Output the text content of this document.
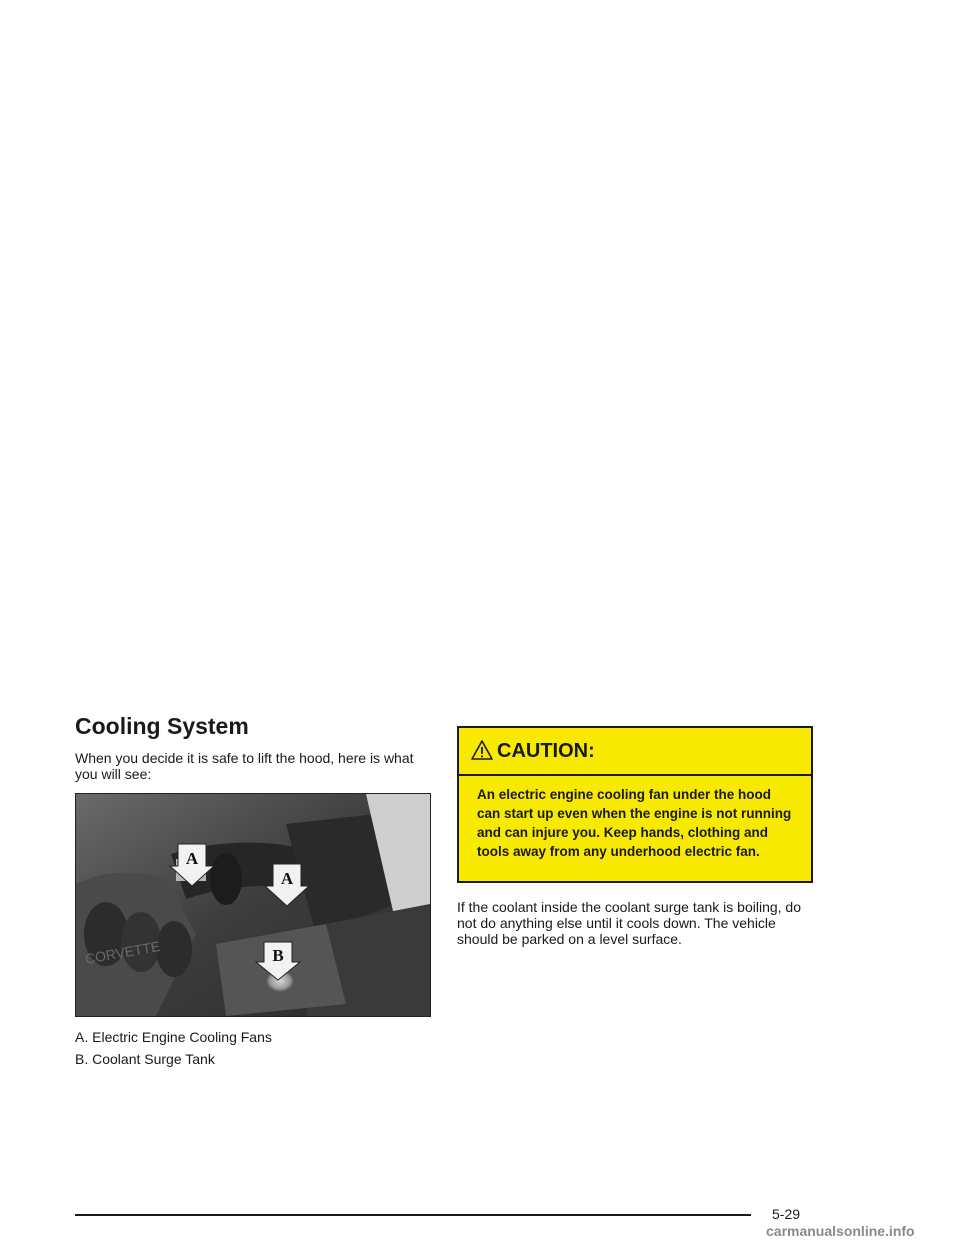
Cooling System

When you decide it is safe to lift the hood, here is what you will see:

CORVETTE
A
A
B
A. Electric Engine Cooling Fans
B. Coolant Surge Tank
CAUTION:
An electric engine cooling fan under the hood can start up even when the engine is not running and can injure you. Keep hands, clothing and tools away from any underhood electric fan.

If the coolant inside the coolant surge tank is boiling, do not do anything else until it cools down. The vehicle should be parked on a level surface.

5-29
carmanualsonline.info
